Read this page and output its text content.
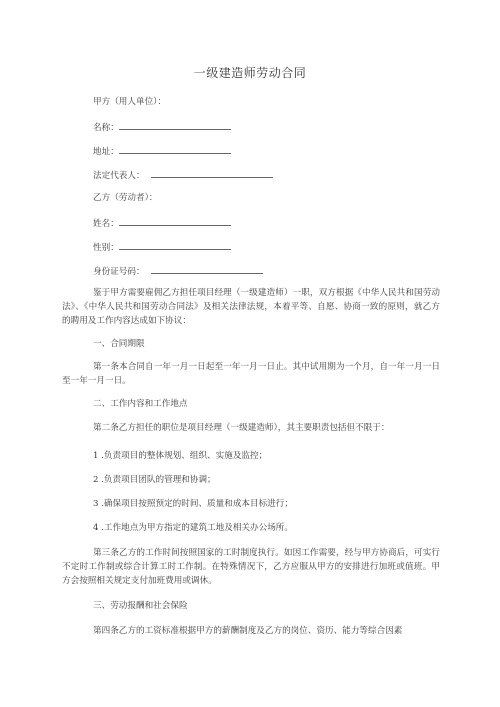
一级建造师劳动合同
甲方（用人单位）：
名称：
地址：
法定代表人：
乙方（劳动者）：
姓名：
性别：
身份证号码：
鉴于甲方需要雇佣乙方担任项目经理（一级建造师）一职，双方根据《中华人民共和国劳动法》、《中华人民共和国劳动合同法》及相关法律法规，本着平等、自愿、协商一致的原则，就乙方的聘用及工作内容达成如下协议：
一、合同期限
第一条本合同自一年一月一日起至一年一月一日止。其中试用期为一个月，自一年一月一日至一年一月一日。
二、工作内容和工作地点
第二条乙方担任的职位是项目经理（一级建造师），其主要职责包括但不限于：
1 .负责项目的整体规划、组织、实施及监控；
2 .负责项目团队的管理和协调；
3 .确保项目按照预定的时间、质量和成本目标进行；
4 .工作地点为甲方指定的建筑工地及相关办公场所。
第三条乙方的工作时间按照国家的工时制度执行。如因工作需要，经与甲方协商后，可实行不定时工作制或综合计算工时工作制。在特殊情况下，乙方应服从甲方的安排进行加班或值班。甲方会按照相关规定支付加班费用或调休。
三、劳动报酬和社会保险
第四条乙方的工资标准根据甲方的薪酬制度及乙方的岗位、资历、能力等综合因素
